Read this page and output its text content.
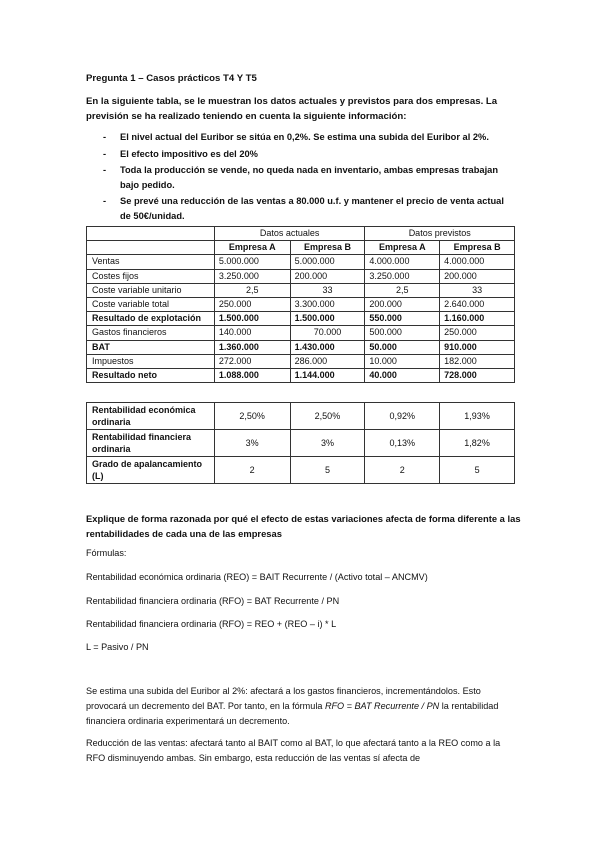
Pregunta 1 – Casos prácticos T4 Y T5
En la siguiente tabla, se le muestran los datos actuales y previstos para dos empresas. La previsión se ha realizado teniendo en cuenta la siguiente información:
- El nivel actual del Euribor se sitúa en 0,2%. Se estima una subida del Euribor al 2%.
- El efecto impositivo es del 20%
- Toda la producción se vende, no queda nada en inventario, ambas empresas trabajan bajo pedido.
- Se prevé una reducción de las ventas a 80.000 u.f. y mantener el precio de venta actual de 50€/unidad.
	Datos actuales		Datos previstos	
	Empresa A	Empresa B	Empresa A	Empresa B
Ventas	5.000.000	5.000.000	4.000.000	4.000.000
Costes fijos	3.250.000	200.000	3.250.000	200.000
Coste variable unitario	2,5	33	2,5	33
Coste variable total	250.000	3.300.000	200.000	2.640.000
Resultado de explotación	1.500.000	1.500.000	550.000	1.160.000
Gastos financieros	140.000	70.000	500.000	250.000
BAT	1.360.000	1.430.000	50.000	910.000
Impuestos	272.000	286.000	10.000	182.000
Resultado neto	1.088.000	1.144.000	40.000	728.000
Rentabilidad económica ordinaria	2,50%	2,50%	0,92%	1,93%
Rentabilidad financiera ordinaria	3%	3%	0,13%	1,82%
Grado de apalancamiento (L)	2	5	2	5
Explique de forma razonada por qué el efecto de estas variaciones afecta de forma diferente a las rentabilidades de cada una de las empresas
Fórmulas:
Rentabilidad económica ordinaria (REO) = BAIT Recurrente / (Activo total – ANCMV)
Rentabilidad financiera ordinaria (RFO) = BAT Recurrente / PN
Rentabilidad financiera ordinaria (RFO) = REO + (REO – i) * L
L = Pasivo / PN
Se estima una subida del Euribor al 2%: afectará a los gastos financieros, incrementándolos. Esto provocará un decremento del BAT. Por tanto, en la fórmula RFO = BAT Recurrente / PN la rentabilidad financiera ordinaria experimentará un decremento.
Reducción de las ventas: afectará tanto al BAIT como al BAT, lo que afectará tanto a la REO como a la RFO disminuyendo ambas. Sin embargo, esta reducción de las ventas sí afecta de
